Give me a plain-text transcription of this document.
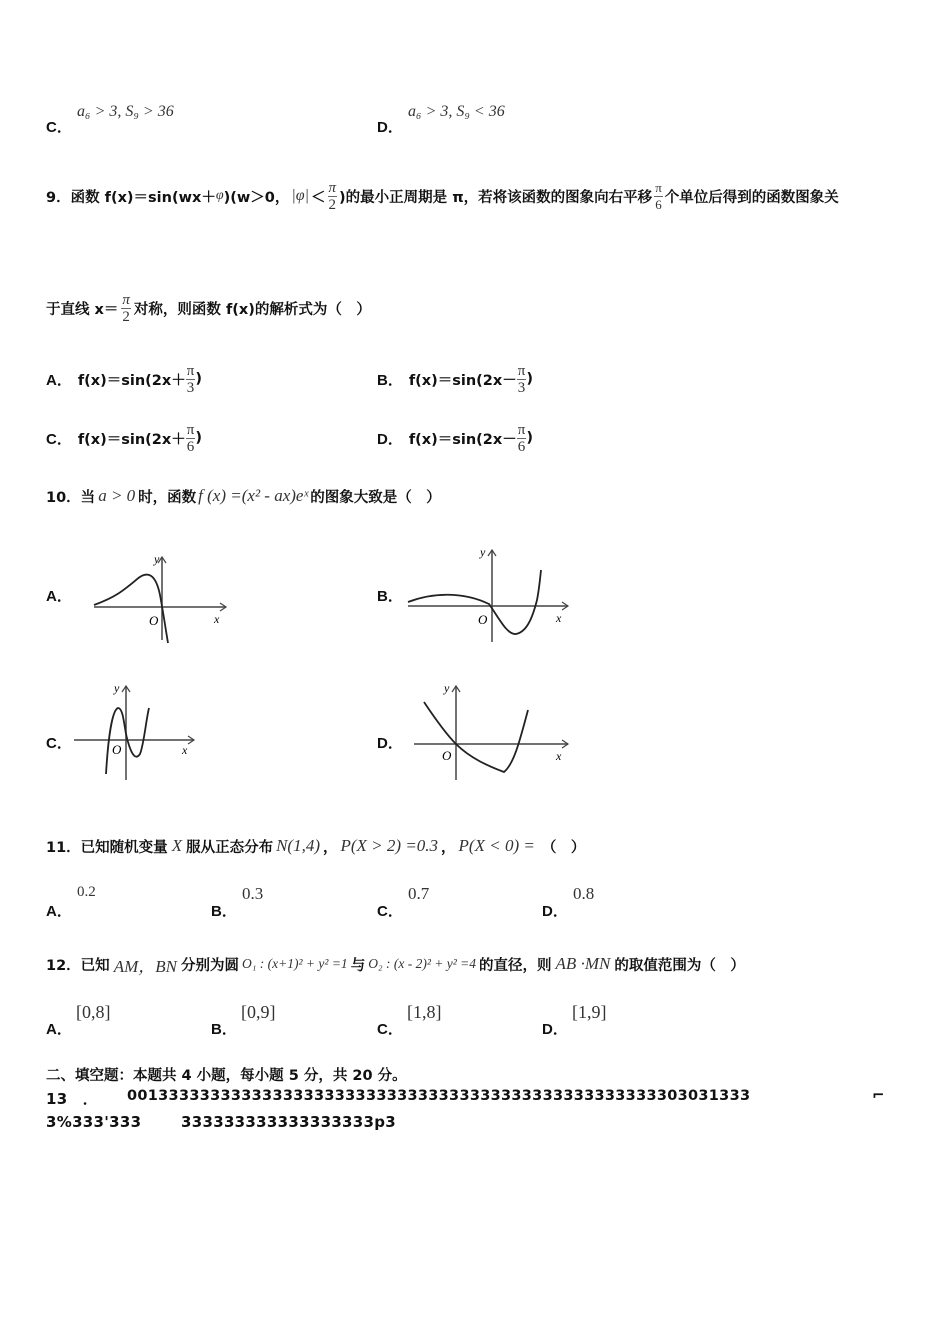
C．
a₆ > 3, S₉ > 36
D．
a₆ > 3, S₉ < 36
9．函数 f(x)＝sin(wx＋ φ )(w＞0， $|\varphi| < \frac{\pi}{2}$ )的最小正周期是 π，若将该函数的图象向右平移 $\frac{\pi}{6}$ 个单位后得到的函数图象关
于直线 $x= \frac{\pi}{2}$ 对称，则函数 f(x)的解析式为（　）
A． $f(x)=\sin(2x+ \frac{\pi}{3}$ )	B． $f(x)=\sin(2x- \frac{\pi}{3}$ )
C． $f(x)=\sin(2x+ \frac{\pi}{6}$ )	D． $f(x)=\sin(2x- \frac{\pi}{6}$ )
10．当 a > 0 时，函数 f (x) =(x² - ax)eˣ 的图象大致是（　）
A．
y
x
O
B．
y
x
O
C．
y
x
O	D．
y
x
O
11．已知随机变量 X 服从正态分布 N(1,4) ， P(X > 2) =0.3 ， P(X < 0) = （　）
A．
0.2
B．
0.3
C．
0.7
D．
0.8
12．已知 AM，BN 分别为圆 O₁ : (x+1)² + y² =1 与 O₂ : (x - 2)² + y² =4 的直径，则 AB ·MN 的取值范围为（　）
A．
[0,8]
B．
[0,9]
C．
[1,8]
D．
[1,9]
二、填空题：本题共 4 小题，每小题 5 分，共 20 分。
13　． 001333333333333333333333333333333333333333333333333303031333	⌐
3%333'333	333333333333333333p3
